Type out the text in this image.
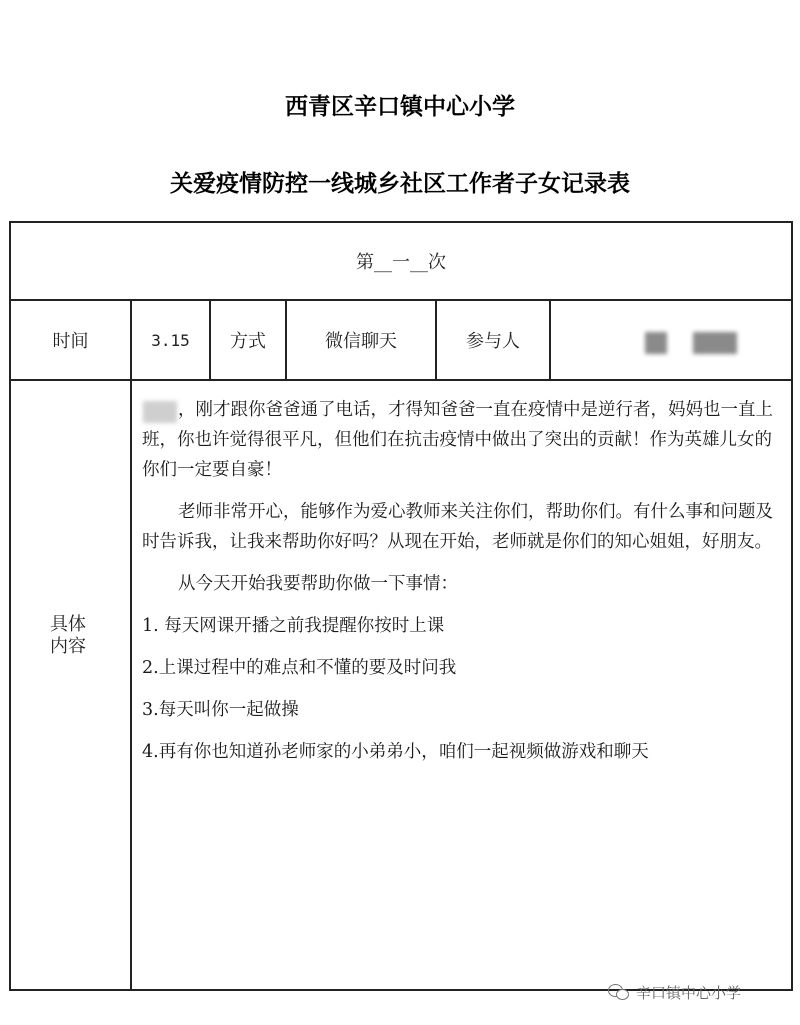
西青区辛口镇中心小学
关爱疫情防控一线城乡社区工作者子女记录表
第__一__次
时间	3.15	方式	微信聊天	参与人
具体内容

，刚才跟你爸爸通了电话，才得知爸爸一直在疫情中是逆行者，妈妈也一直上班，你也许觉得很平凡，但他们在抗击疫情中做出了突出的贡献！作为英雄儿女的你们一定要自豪！

老师非常开心，能够作为爱心教师来关注你们，帮助你们。有什么事和问题及时告诉我，让我来帮助你好吗？从现在开始，老师就是你们的知心姐姐，好朋友。

从今天开始我要帮助你做一下事情：

1. 每天网课开播之前我提醒你按时上课

2.上课过程中的难点和不懂的要及时问我

3.每天叫你一起做操

4.再有你也知道孙老师家的小弟弟小，咱们一起视频做游戏和聊天

辛口镇中心小学
